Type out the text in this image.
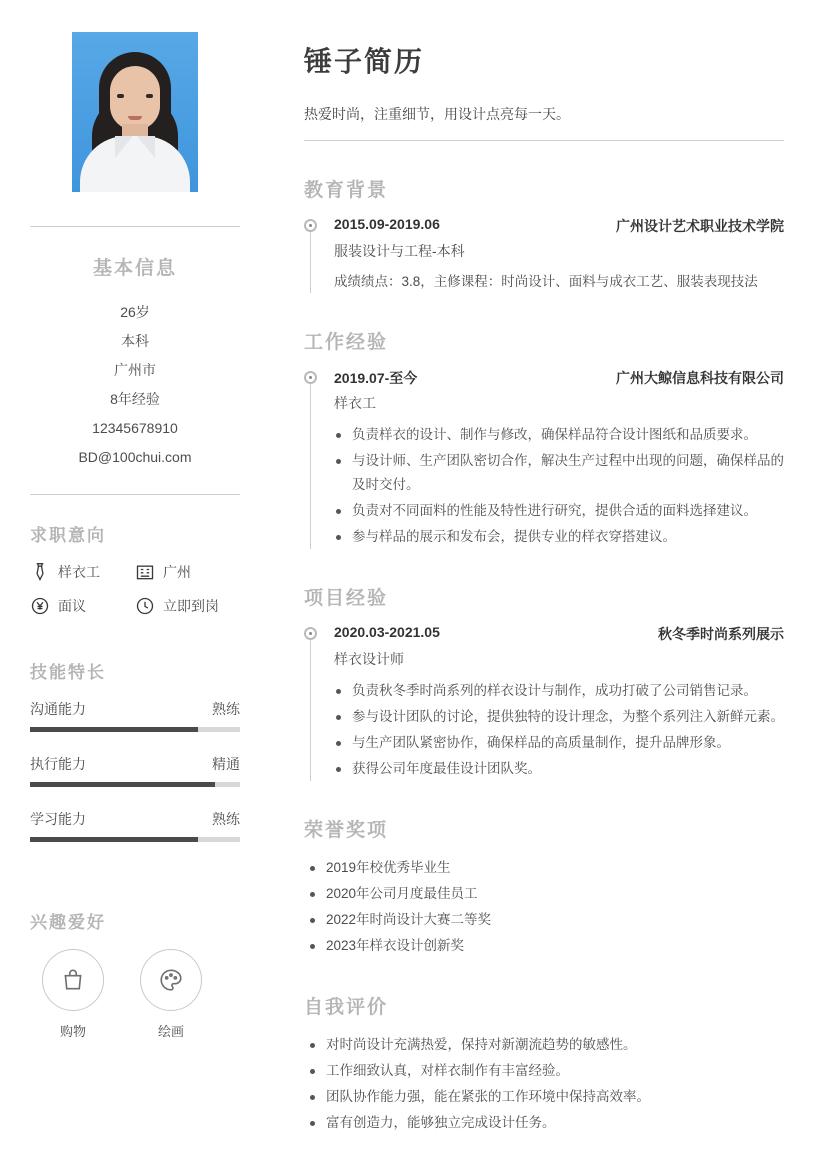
基本信息
26岁
本科
广州市
8年经验
12345678910
BD@100chui.com
求职意向
样衣工	广州
面议	立即到岗
技能特长
沟通能力	熟练
执行能力	精通
学习能力	熟练
兴趣爱好
购物	绘画
锤子简历
热爱时尚，注重细节，用设计点亮每一天。
教育背景
2015.09-2019.06	广州设计艺术职业技术学院
服装设计与工程-本科
成绩绩点：3.8，主修课程：时尚设计、面料与成衣工艺、服装表现技法
工作经验
2019.07-至今	广州大鲸信息科技有限公司
样衣工
负责样衣的设计、制作与修改，确保样品符合设计图纸和品质要求。
与设计师、生产团队密切合作，解决生产过程中出现的问题，确保样品的及时交付。
负责对不同面料的性能及特性进行研究，提供合适的面料选择建议。
参与样品的展示和发布会，提供专业的样衣穿搭建议。
项目经验
2020.03-2021.05	秋冬季时尚系列展示
样衣设计师
负责秋冬季时尚系列的样衣设计与制作，成功打破了公司销售记录。
参与设计团队的讨论，提供独特的设计理念，为整个系列注入新鲜元素。
与生产团队紧密协作，确保样品的高质量制作，提升品牌形象。
获得公司年度最佳设计团队奖。
荣誉奖项
2019年校优秀毕业生
2020年公司月度最佳员工
2022年时尚设计大赛二等奖
2023年样衣设计创新奖
自我评价
对时尚设计充满热爱，保持对新潮流趋势的敏感性。
工作细致认真，对样衣制作有丰富经验。
团队协作能力强，能在紧张的工作环境中保持高效率。
富有创造力，能够独立完成设计任务。
